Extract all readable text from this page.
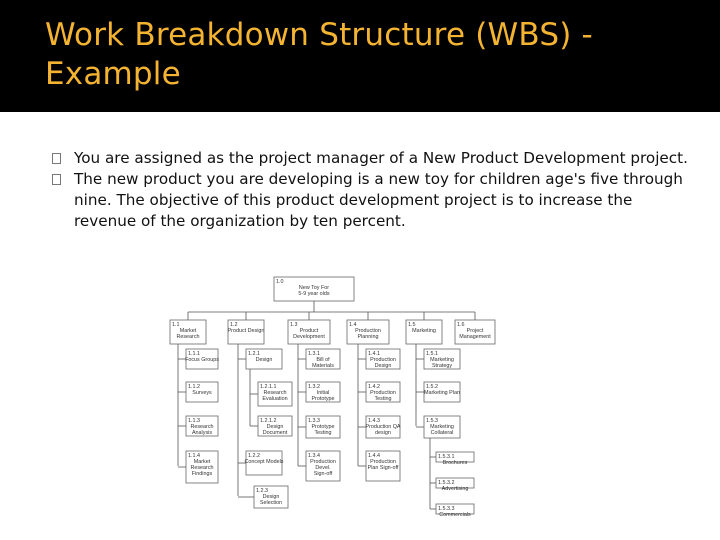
Work Breakdown Structure (WBS) - Example
You are assigned as the project manager of a New Product Development project.
The new product you are developing is a new toy for children age's five through nine. The objective of this product development project is to increase the revenue of the organization by ten percent.
1.0
New Toy For
5-9 year olds
1.1
Market
Research
1.2
Product Design
1.3
Product
Development
1.4
Production
Planning
1.5
Marketing
1.6
Project
Management
1.1.1
Focus Groups
1.1.2
Surveys
1.1.3
Research
Analysis
1.1.4
Market
Research
Findings
1.2.1
Design
1.2.1.1
Research
Evaluation
1.2.1.2
Design
Document
1.2.2
Concept Models
1.2.3
Design
Selection
1.3.1
Bill of
Materials
1.3.2
Initial
Prototype
1.3.3
Prototype
Testing
1.3.4
Production
Devel.
Sign-off
1.4.1
Production
Design
1.4.2
Production
Testing
1.4.3
Production QA
design
1.4.4
Production
Plan Sign-off
1.5.1
Marketing
Strategy
1.5.2
Marketing Plan
1.5.3
Marketing
Collateral
1.5.3.1
Brochures
1.5.3.2
Advertising
1.5.3.3
Commercials
